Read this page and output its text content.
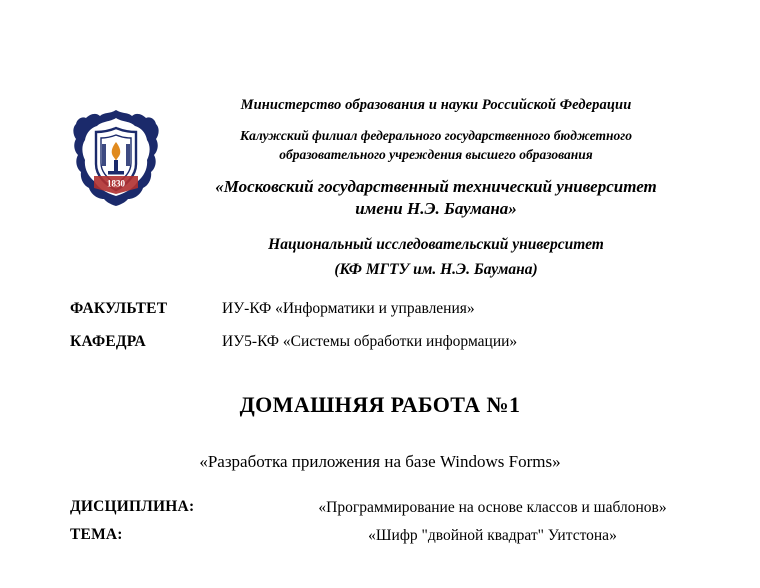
1830
Министерство образования и науки Российской Федерации
Калужский филиал федерального государственного бюджетного
образовательного учреждения высшего образования
«Московский государственный технический университет
имени Н.Э. Баумана»
Национальный исследовательский университет
(КФ МГТУ им. Н.Э. Баумана)
ФАКУЛЬТЕТ	ИУ-КФ «Информатики и управления»
КАФЕДРА	ИУ5-КФ «Системы обработки информации»
ДОМАШНЯЯ РАБОТА №1
«Разработка приложения на базе Windows Forms»
ДИСЦИПЛИНА:	«Программирование на основе классов и шаблонов»
ТЕМА:	«Шифр "двойной квадрат" Уитстона»
